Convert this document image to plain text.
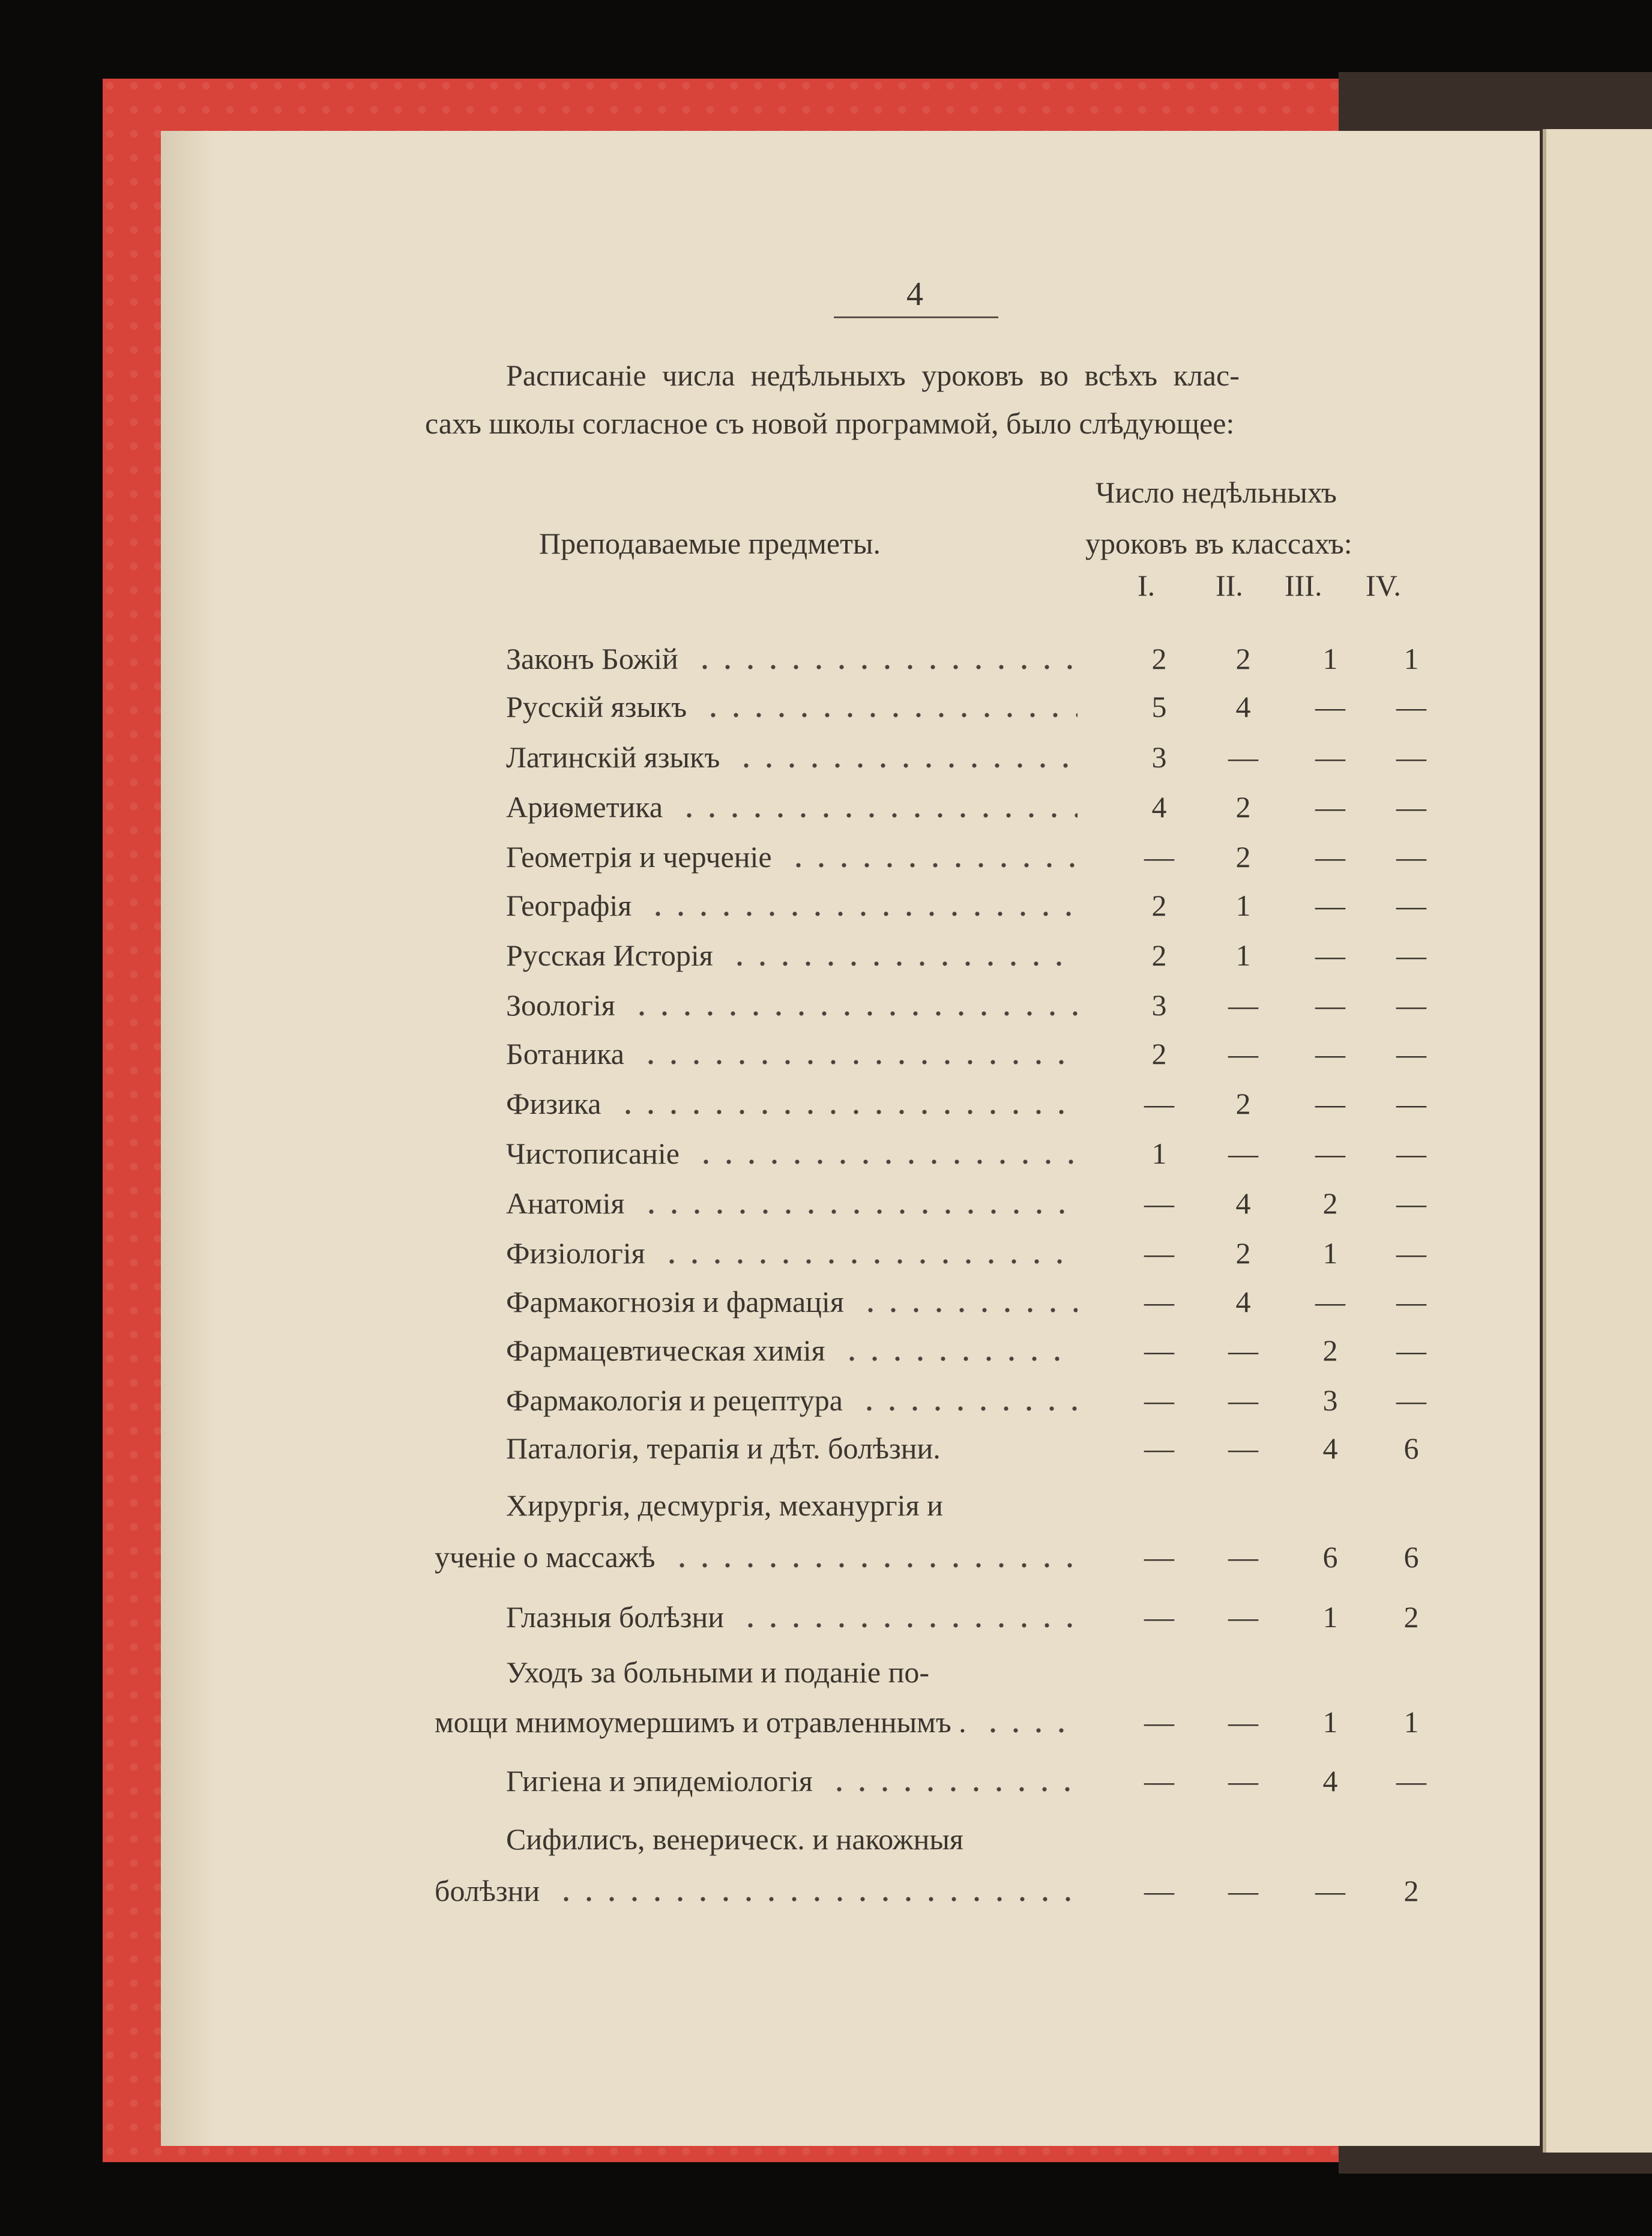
4
Расписаніе числа недѣльныхъ уроковъ во всѣхъ клас-
сахъ школы согласное съ новой программой, было слѣдующее:
Число недѣльныхъ
Преподаваемые предметы.	уроковъ въ классахъ:
I. II. III. IV.
Законъ Божій	2	2	1	1
Русскій языкъ	5	4	—	—
Латинскій языкъ	3	—	—	—
Ариѳметика	4	2	—	—
Геометрія и черченіе	—	2	—	—
Географія	2	1	—	—
Русская Исторія	2	1	—	—
Зоологія	3	—	—	—
Ботаника	2	—	—	—
Физика	—	2	—	—
Чистописаніе	1	—	—	—
Анатомія	—	4	2	—
Физіологія	—	2	1	—
Фармакогнозія и фармація	—	4	—	—
Фармацевтическая химія	—	—	2	—
Фармакологія и рецептура	—	—	3	—
Паталогія, терапія и дѣт. болѣзни.	—	—	4	6
Хирургія, десмургія, механургія и
ученіе о массажѣ	—	—	6	6
Глазныя болѣзни	—	—	1	2
Уходъ за больными и поданіе по-
мощи мнимоумершимъ и отравленнымъ .	—	—	1	1
Гигіена и эпидеміологія	—	—	4	—
Сифилисъ, венерическ. и накожныя
болѣзни	—	—	—	2
